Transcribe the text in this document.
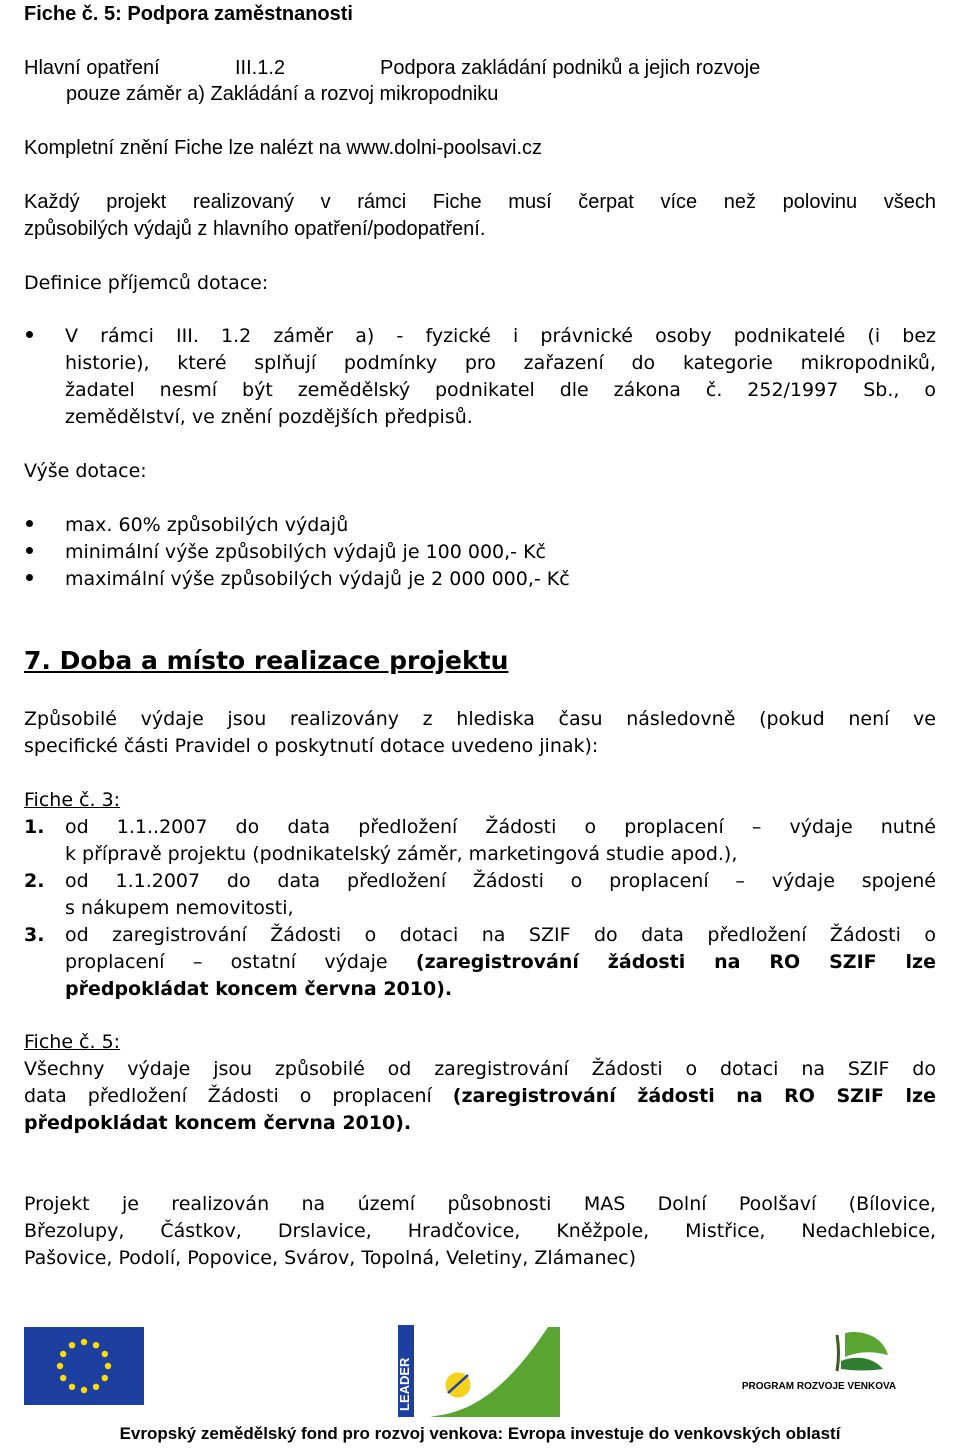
Fiche č. 5: Podpora zaměstnanosti
Hlavní opatření	III.1.2	Podpora zakládání podniků a jejich rozvoje
pouze záměr a) Zakládání a rozvoj mikropodniku
Kompletní znění Fiche lze nalézt na www.dolni-poolsavi.cz
Každý projekt realizovaný v rámci Fiche musí čerpat více než polovinu všech
způsobilých výdajů z hlavního opatření/podopatření.
Definice příjemců dotace:
V rámci III. 1.2 záměr a) - fyzické i právnické osoby podnikatelé (i bez
historie), které splňují podmínky pro zařazení do kategorie mikropodniků,
žadatel nesmí být zemědělský podnikatel dle zákona č. 252/1997 Sb., o
zemědělství, ve znění pozdějších předpisů.
Výše dotace:
max. 60% způsobilých výdajů
minimální výše způsobilých výdajů je 100 000,- Kč
maximální výše způsobilých výdajů je 2 000 000,- Kč
7. Doba a místo realizace projektu
Způsobilé výdaje jsou realizovány z hlediska času následovně (pokud není ve
specifické části Pravidel o poskytnutí dotace uvedeno jinak):
Fiche č. 3:
1. od 1.1..2007 do data předložení Žádosti o proplacení – výdaje nutné
k přípravě projektu (podnikatelský záměr, marketingová studie apod.),
2. od 1.1.2007 do data předložení Žádosti o proplacení – výdaje spojené
s nákupem nemovitosti,
3. od zaregistrování Žádosti o dotaci na SZIF do data předložení Žádosti o
proplacení – ostatní výdaje (zaregistrování žádosti na RO SZIF lze
předpokládat koncem června 2010).
Fiche č. 5:
Všechny výdaje jsou způsobilé od zaregistrování Žádosti o dotaci na SZIF do
data předložení Žádosti o proplacení (zaregistrování žádosti na RO SZIF lze
předpokládat koncem června 2010).
Projekt je realizován na území působnosti MAS Dolní Poolšaví (Bílovice,
Březolupy, Částkov, Drslavice, Hradčovice, Kněžpole, Mistřice, Nedachlebice,
Pašovice, Podolí, Popovice, Svárov, Topolná, Veletiny, Zlámanec)
LEADER	PROGRAM ROZVOJE VENKOVA
Evropský zemědělský fond pro rozvoj venkova: Evropa investuje do venkovských oblastí
